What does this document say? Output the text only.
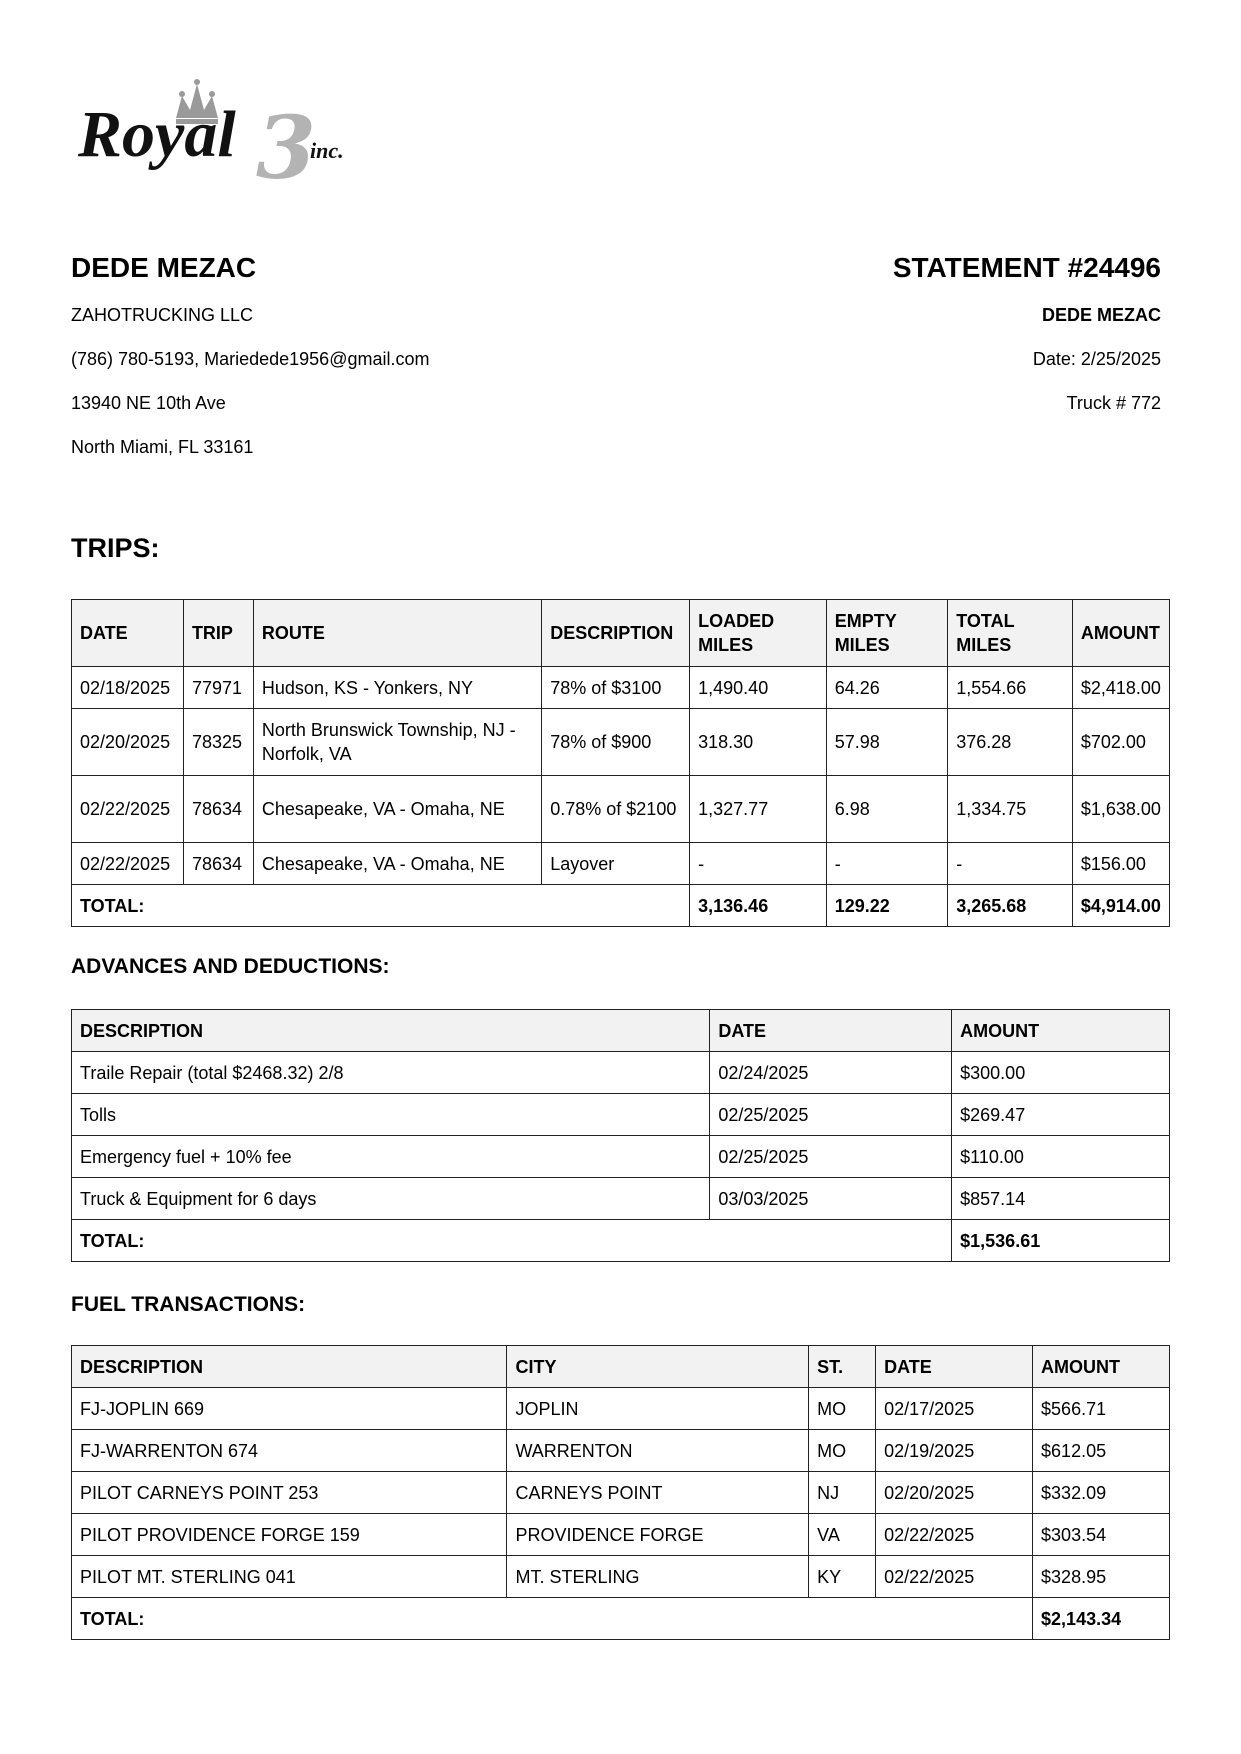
3
Royal	inc.
DEDE MEZAC
ZAHOTRUCKING LLC
(786) 780-5193, Mariedede1956@gmail.com
13940 NE 10th Ave
North Miami, FL 33161
STATEMENT #24496
DEDE MEZAC
Date: 2/25/2025
Truck # 772
TRIPS:
DATE	TRIP	ROUTE	DESCRIPTION	LOADED MILES	EMPTY MILES	TOTAL MILES	AMOUNT
02/18/2025	77971	Hudson, KS - Yonkers, NY	78% of $3100	1,490.40	64.26	1,554.66	$2,418.00
02/20/2025	78325	North Brunswick Township, NJ - Norfolk, VA	78% of $900	318.30	57.98	376.28	$702.00
02/22/2025	78634	Chesapeake, VA - Omaha, NE	0.78% of $2100	1,327.77	6.98	1,334.75	$1,638.00
02/22/2025	78634	Chesapeake, VA - Omaha, NE	Layover	-	-	-	$156.00
TOTAL:				3,136.46	129.22	3,265.68	$4,914.00
ADVANCES AND DEDUCTIONS:
DESCRIPTION	DATE	AMOUNT
Traile Repair (total $2468.32) 2/8	02/24/2025	$300.00
Tolls	02/25/2025	$269.47
Emergency fuel + 10% fee	02/25/2025	$110.00
Truck & Equipment for 6 days	03/03/2025	$857.14
TOTAL:		$1,536.61
FUEL TRANSACTIONS:
DESCRIPTION	CITY	ST.	DATE	AMOUNT
FJ-JOPLIN 669	JOPLIN	MO	02/17/2025	$566.71
FJ-WARRENTON 674	WARRENTON	MO	02/19/2025	$612.05
PILOT CARNEYS POINT 253	CARNEYS POINT	NJ	02/20/2025	$332.09
PILOT PROVIDENCE FORGE 159	PROVIDENCE FORGE	VA	02/22/2025	$303.54
PILOT MT. STERLING 041	MT. STERLING	KY	02/22/2025	$328.95
TOTAL:				$2,143.34
